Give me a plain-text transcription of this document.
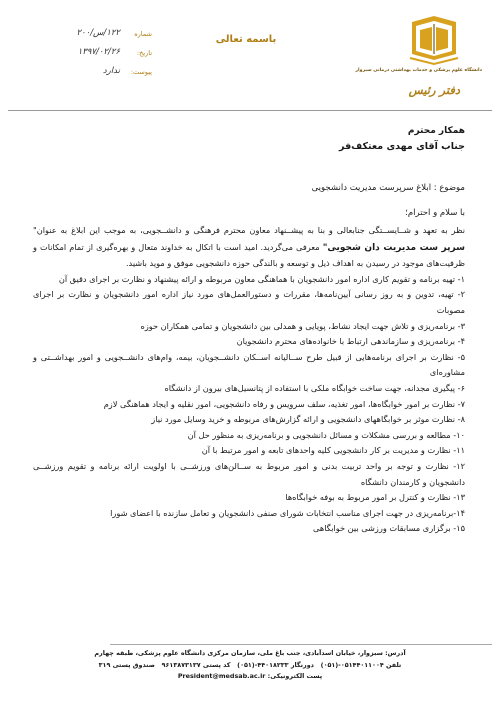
دانشگاه علوم پزشکی و خدمات بهداشتی درمانی سبزوار
دفتر رئیس
باسمه تعالی
شماره
۱۲۲/س/۲۰۰
تاریخ:
۱۳۹۷/۰۲/۲۶
پیوست:
ندارد
همکار محترم
جناب آقای مهدی معتکف‌فر
موضوع : ابلاغ سرپرست مدیریت دانشجویی
با سلام و احترام؛

نظر به تعهد و شــایســتگی جنابعالی و بنا به پیشــنهاد معاون محترم فرهنگی و دانشــجویی، به موجب این ابلاغ به عنوان" سرپر ست مدیریت دان شجویی" معرفی می‌گردید. امید است با اتکال به خداوند متعال و بهره‌گیری از تمام امکانات و ظرفیت‌های موجود در رسیدن به اهداف ذیل و توسعه و بالندگی حوزه دانشجویی موفق و موید باشید.

۱- تهیه برنامه و تقویم کاری اداره امور دانشجویان با هماهنگی معاون مربوطه و ارائه پیشنهاد و نظارت بر اجرای دقیق آن
۲- تهیه، تدوین و به روز رسانی آیین‌نامه‌ها، مقررات و دستورالعمل‌های مورد نیاز اداره امور دانشجویان و نظارت بر اجرای مصوبات
۳- برنامه‌ریزی و تلاش جهت ایجاد نشاط، پویایی و همدلی بین دانشجویان و تمامی همکاران حوزه
۴- برنامه‌ریزی و سازماندهی ارتباط با خانواده‌های محترم دانشجویان
۵- نظارت بر اجرای برنامه‌هایی از قبیل طرح ســالیانه اســکان دانشــجویان، بیمه، وام‌های دانشــجویی و امور بهداشــتی و مشاوره‌ای
۶- پیگیری مجدانه، جهت ساخت خوابگاه ملکی با استفاده از پتانسیل‌های بیرون از دانشگاه
۷- نظارت بر امور خوابگاه‌ها، امور تغذیه، سلف سرویس و رفاه دانشجویی، امور نقلیه و ایجاد هماهنگی لازم
۸- نظارت موثر بر خوابگاههای دانشجویی و ارائه گزارش‌های مربوطه و خرید وسایل مورد نیاز
۱۰- مطالعه و بررسی مشکلات و مسائل دانشجویی و برنامه‌ریزی به منظور حل آن
۱۱- نظارت و مدیریت بر کار دانشجویی کلیه واحدهای تابعه و امور مرتبط با آن
۱۲- نظارت و توجه بر واحد تربیت بدنی و امور مربوط به ســالن‌های ورزشــی با اولویت ارائه برنامه و تقویم ورزشــی دانشجویان و کارمندان دانشگاه
۱۳- نظارت و کنترل بر امور مربوط به بوفه خوابگاه‌ها
۱۴-برنامه‌ریزی در جهت اجرای مناسب انتخابات شورای صنفی دانشجویان و تعامل سازنده با اعضای شورا
۱۵- برگزاری مسابقات ورزشی بین خوابگاهی
آدرس: سبزوار، خیابان اسدآبادی، جنب باغ ملی، سازمان مرکزی دانشگاه علوم پزشکی، طبقه چهارم
تلفن ۰۵۱۴۴۰۱۱۰۰۴-(۰۵۱)   دورنگار ۴۴۰۱۸۲۳۳-(۰۵۱)   کد پستی ۹۶۱۳۸۷۳۱۳۷   صندوق پستی ۳۱۹
پست الکترونیکی: President@medsab.ac.ir
